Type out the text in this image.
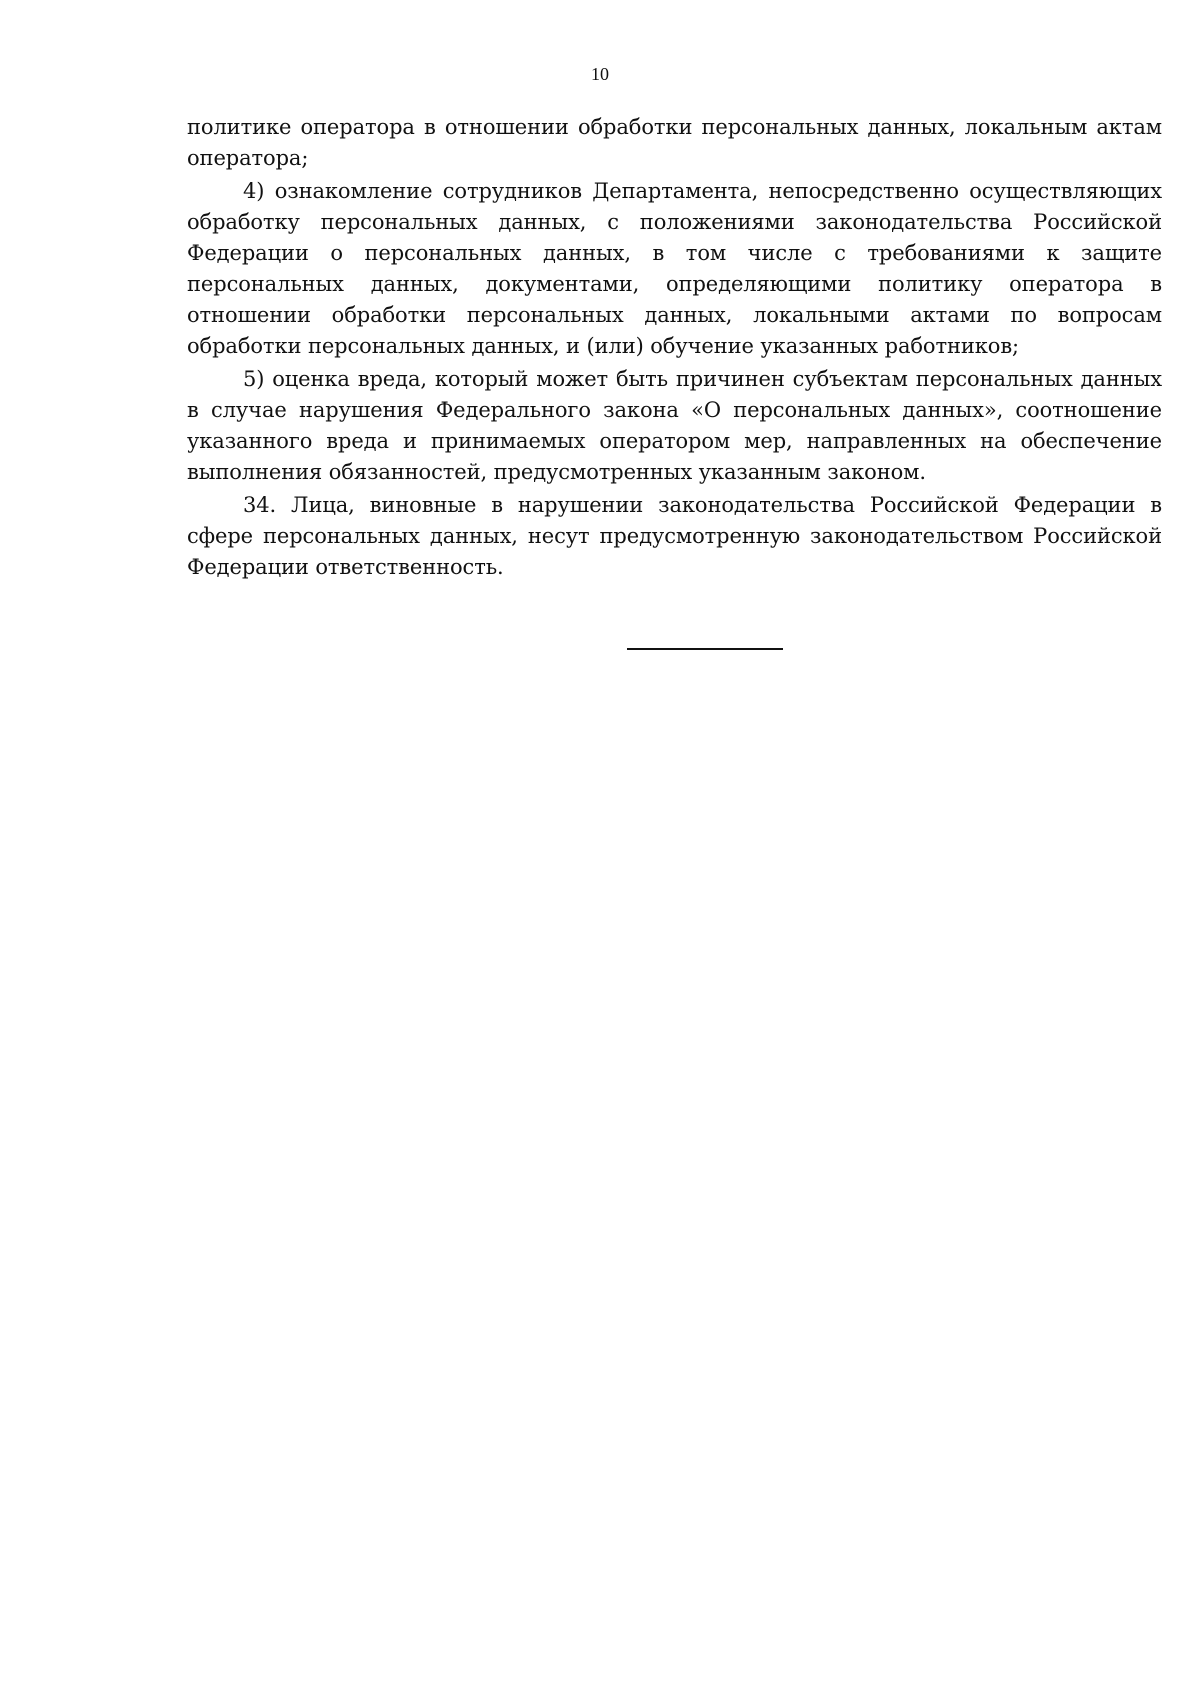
10

политике оператора в отношении обработки персональных данных, локальным актам оператора;

4) ознакомление сотрудников Департамента, непосредственно осуществляющих обработку персональных данных, с положениями законодательства Российской Федерации о персональных данных, в том числе с требованиями к защите персональных данных, документами, определяющими политику оператора в отношении обработки персональных данных, локальными актами по вопросам обработки персональных данных, и (или) обучение указанных работников;

5) оценка вреда, который может быть причинен субъектам персональных данных в случае нарушения Федерального закона «О персональных данных», соотношение указанного вреда и принимаемых оператором мер, направленных на обеспечение выполнения обязанностей, предусмотренных указанным законом.

34. Лица, виновные в нарушении законодательства Российской Федерации в сфере персональных данных, несут предусмотренную законодательством Российской Федерации ответственность.
